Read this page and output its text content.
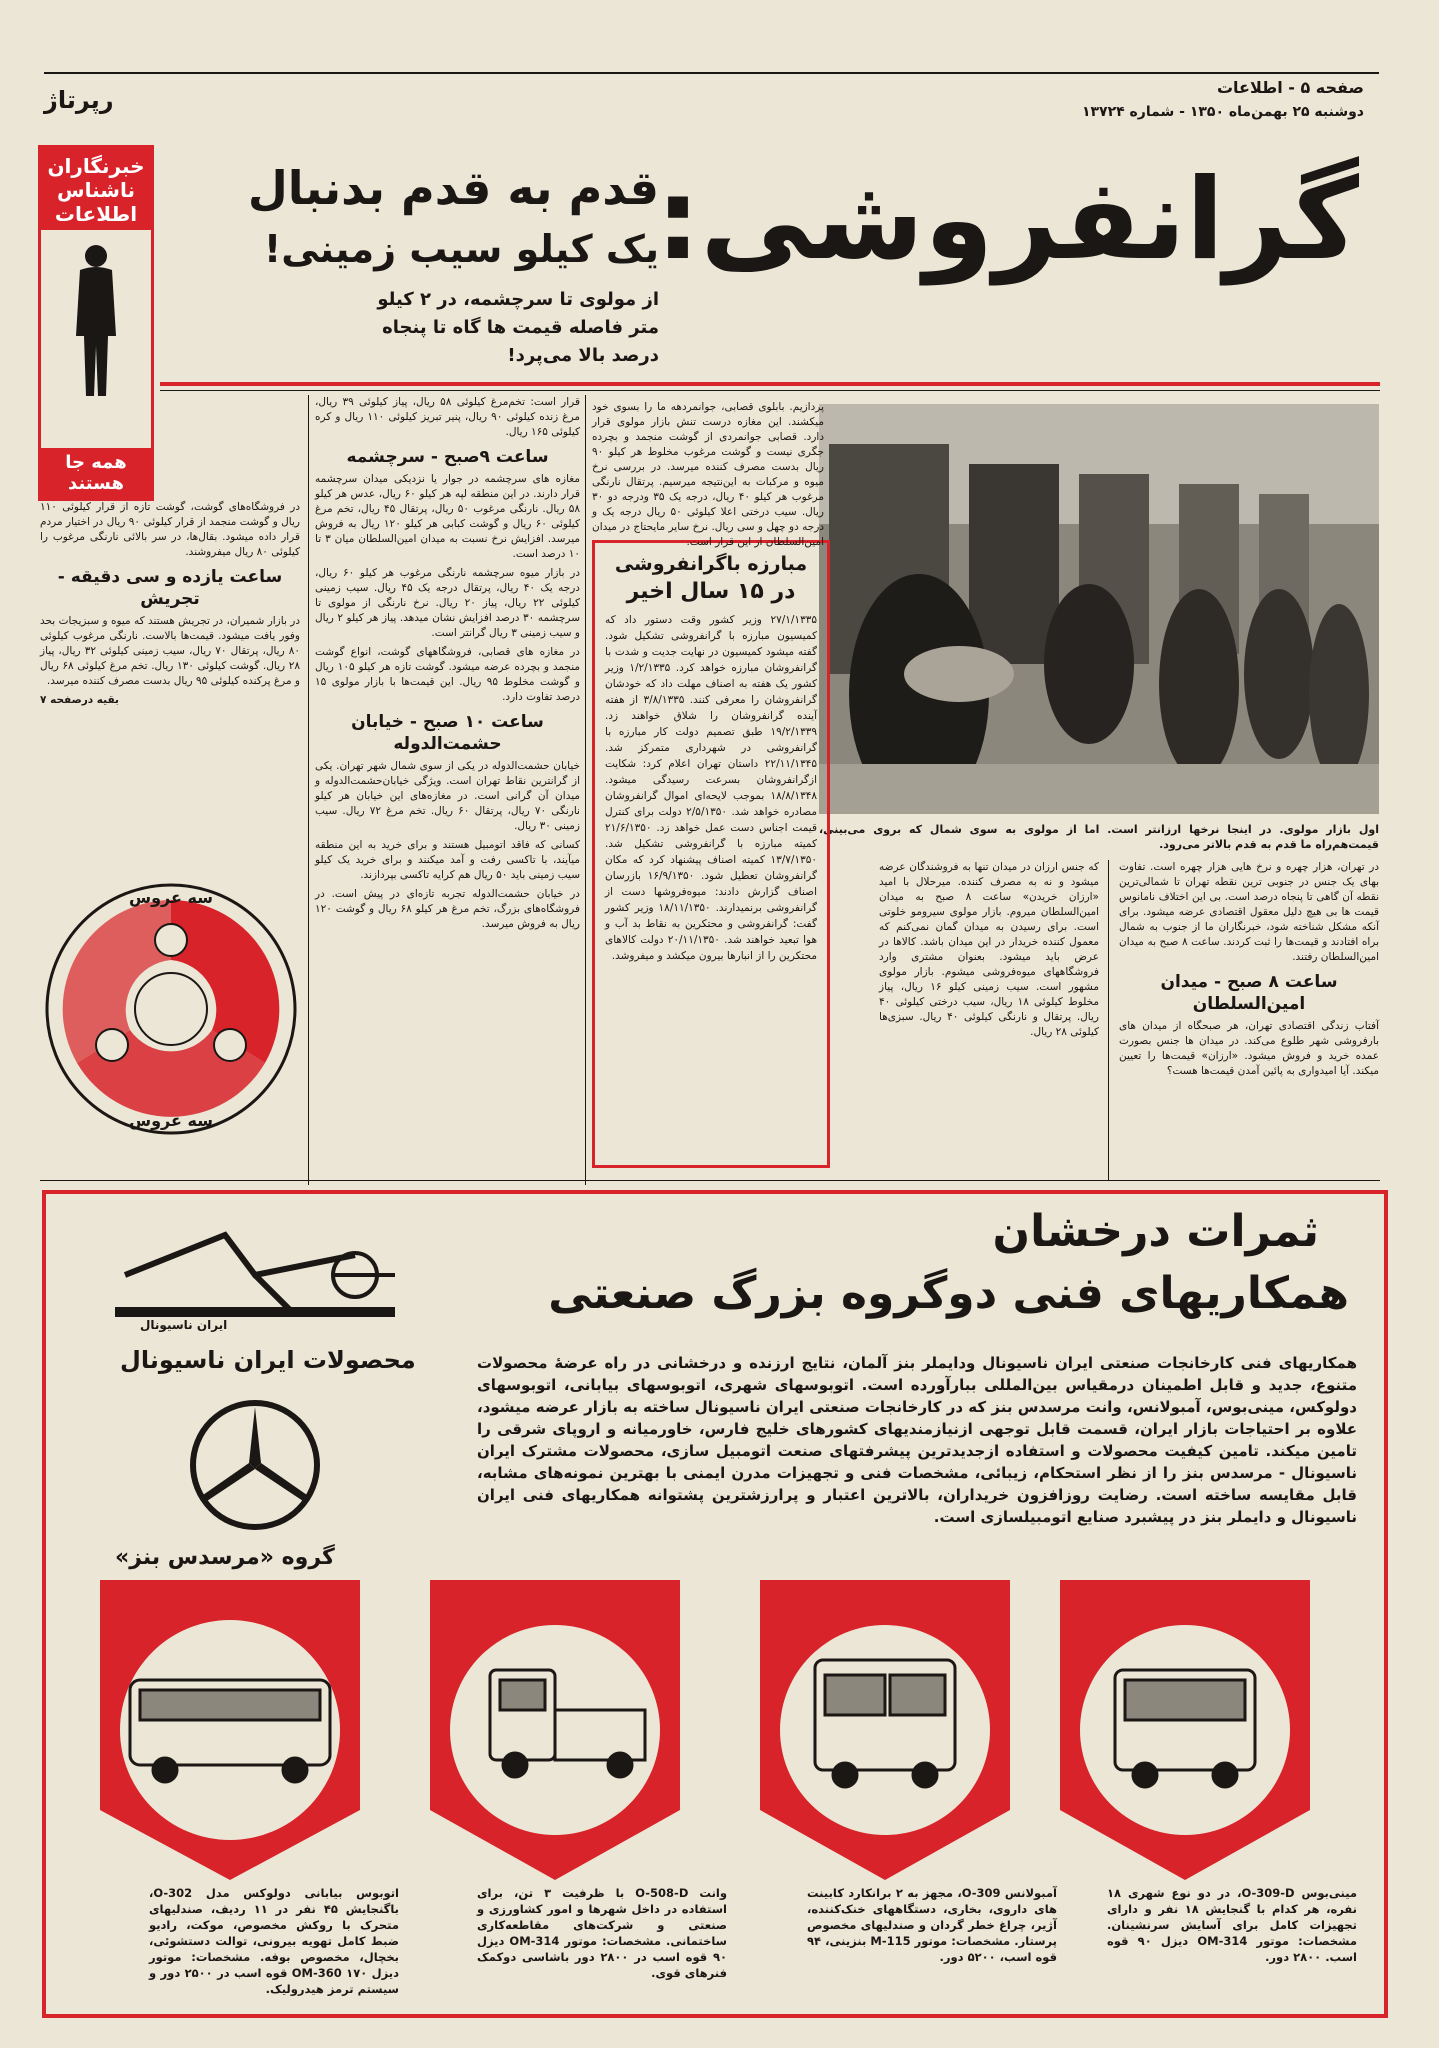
صفحه ۵ - اطلاعات
دوشنبه ۲۵ بهمن‌ماه ۱۳۵۰ - شماره ۱۳۷۲۴
رپرتاژ
گرانفروشی:
قدم به قدم بدنبال
یک کیلو سیب زمینی!
از مولوی تا سرچشمه، در ۲ کیلو متر فاصله قیمت ها گاه تا پنجاه درصد بالا می‌پرد!
خبرنگاران
ناشناس
اطلاعات
همه جا
هستند
اول بازار مولوی. در اینجا نرخها ارزانتر است. اما از مولوی به سوی شمال که بروی می‌بینی، قیمت‌هم‌راه ما قدم به قدم بالاتر می‌رود.
مبارزه باگرانفروشی
در ۱۵ سال اخیر
۲۷/۱/۱۳۳۵ وزیر کشور وقت دستور داد که کمیسیون مبارزه با گرانفروشی تشکیل شود. گفته میشود کمیسیون در نهایت جدیت و شدت با گرانفروشان مبارزه خواهد کرد. ۱/۲/۱۳۳۵ وزیر کشور یک هفته به اصناف مهلت داد که خودشان گرانفروشان را معرفی کنند. ۳/۸/۱۳۳۵ از هفته آینده گرانفروشان را شلاق خواهند زد. ۱۹/۲/۱۳۳۹ طبق تصمیم دولت کار مبارزه با گرانفروشی در شهرداری متمرکز شد. ۲۲/۱۱/۱۳۴۵ داستان تهران اعلام کرد: شکایت ازگرانفروشان بسرعت رسیدگی میشود. ۱۸/۸/۱۳۴۸ بموجب لایحه‌ای اموال گرانفروشان مصادره خواهد شد. ۲/۵/۱۳۵۰ دولت برای کنترل قیمت اجناس دست عمل خواهد زد. ۲۱/۶/۱۳۵۰ کمیته مبارزه با گرانفروشی تشکیل شد. ۱۳/۷/۱۳۵۰ کمیته اصناف پیشنهاد کرد که مکان گرانفروشان تعطیل شود. ۱۶/۹/۱۳۵۰ بازرسان اصناف گزارش دادند: میوه‌فروشها دست از گرانفروشی برنمیدارند. ۱۸/۱۱/۱۳۵۰ وزیر کشور گفت: گرانفروشی و محتکرین به نقاط بد آب و هوا تبعید خواهند شد. ۲۰/۱۱/۱۳۵۰ دولت کالاهای محتکرین را از انبارها بیرون میکشد و میفروشد.
پردازیم. بابلوی قصابی، جوانمردهه ما را بسوی خود میکشند. این مغازه درست تنش بازار مولوی قرار دارد. قصابی جوانمردی از گوشت منجمد و بچرده جگری نیست و گوشت مرغوب مخلوط هر کیلو ۹۰ ریال بدست مصرف کننده میرسد. در بررسی نرخ میوه و مرکبات به این‌نتیجه میرسیم. پرتقال نارنگی مرغوب هر کیلو ۴۰ ریال، درجه یک ۳۵ ودرجه دو ۳۰ ریال. سیب درختی اعلا کیلوئی ۵۰ ریال درجه یک و درجه دو چهل و سی ریال. نرخ سایر مایحتاج در میدان امین‌السلطان از این قرار است.

که جنس ارزان در میدان تنها به فروشندگان عرضه میشود و نه به مصرف کننده. میرحلال با امید «ارزان خریدن» ساعت ۸ صبح به میدان امین‌السلطان میروم. بازار مولوی سیرومو خلوتی است. برای رسیدن به میدان گمان نمی‌کنم که معمول کننده خریدار در این میدان باشد. کالاها در عرض باید میشود. بعنوان مشتری وارد فروشگاههای میوه‌فروشی میشوم. بازار مولوی مشهور است. سیب زمینی کیلو ۱۶ ریال، پیاز مخلوط کیلوئی ۱۸ ریال، سیب درختی کیلوئی ۴۰ ریال. پرتقال و نارنگی کیلوئی ۴۰ ریال. سبزی‌ها کیلوئی ۲۸ ریال.

در تهران، هزار چهره و نرخ هایی هزار چهره است. تفاوت بهای یک جنس در جنوبی ترین نقطه تهران تا شمالی‌ترین نقطه آن گاهی تا پنجاه درصد است. بی این اختلاف نامانوس قیمت ها بی هیچ دلیل معقول اقتصادی عرضه میشود. برای آنکه مشکل شناخته شود، خبرنگاران ما از جنوب به شمال براه افتادند و قیمت‌ها را ثبت کردند. ساعت ۸ صبح به میدان امین‌السلطان رفتند.

ساعت ۸ صبح - میدان امین‌السلطان

آفتاب زندگی اقتصادی تهران، هر صبحگاه از میدان های بارفروشی شهر طلوع می‌کند. در میدان ها جنس بصورت عمده خرید و فروش میشود. «ارزان» قیمت‌ها را تعیین میکند. آیا امیدواری به پائین آمدن قیمت‌ها هست؟

قرار است: تخم‌مرغ کیلوئی ۵۸ ریال، پیاز کیلوئی ۳۹ ریال، مرغ زنده کیلوئی ۹۰ ریال، پنیر تبریز کیلوئی ۱۱۰ ریال و کره کیلوئی ۱۶۵ ریال.

ساعت ۹صبح - سرچشمه

مغازه های سرچشمه در جوار یا نزدیکی میدان سرچشمه قرار دارند. در این منطقه لپه هر کیلو ۶۰ ریال، عدس هر کیلو ۵۸ ریال. نارنگی مرغوب ۵۰ ریال، پرتقال ۴۵ ریال، تخم مرغ کیلوئی ۶۰ ریال و گوشت کبابی هر کیلو ۱۲۰ ریال به فروش میرسد. افزایش نرخ نسبت به میدان امین‌السلطان میان ۳ تا ۱۰ درصد است.

در بازار میوه سرچشمه نارنگی مرغوب هر کیلو ۶۰ ریال، درجه یک ۴۰ ریال، پرتقال درجه یک ۴۵ ریال. سیب زمینی کیلوئی ۲۲ ریال، پیاز ۲۰ ریال. نرخ نارنگی از مولوی تا سرچشمه ۳۰ درصد افزایش نشان میدهد. پیاز هر کیلو ۲ ریال و سیب زمینی ۳ ریال گرانتر است.

در مغازه های قصابی، فروشگاههای گوشت، انواع گوشت منجمد و بچرده عرضه میشود. گوشت تازه هر کیلو ۱۰۵ ریال و گوشت مخلوط ۹۵ ریال. این قیمت‌ها با بازار مولوی ۱۵ درصد تفاوت دارد.

ساعت ۱۰ صبح - خیابان حشمت‌الدوله

خیابان حشمت‌الدوله در یکی از سوی شمال شهر تهران. یکی از گرانترین نقاط تهران است. ویژگی خیابان‌حشمت‌الدوله و میدان آن گرانی است. در مغازه‌های این خیابان هر کیلو نارنگی ۷۰ ریال، پرتقال ۶۰ ریال. تخم مرغ ۷۲ ریال. سیب زمینی ۳۰ ریال.

کسانی که فاقد اتومبیل هستند و برای خرید به این منطقه میآیند، با تاکسی رفت و آمد میکنند و برای خرید یک کیلو سیب زمینی باید ۵۰ ریال هم کرایه تاکسی بپردازند.

در خیابان حشمت‌الدوله تجربه تازه‌ای در پیش است. در فروشگاه‌های بزرگ، تخم مرغ هر کیلو ۶۸ ریال و گوشت ۱۲۰ ریال به فروش میرسد.

در فروشگاه‌های گوشت، گوشت تازه از قرار کیلوئی ۱۱۰ ریال و گوشت منجمد از قرار کیلوئی ۹۰ ریال در اختیار مردم قرار داده میشود. بقال‌ها، در سر بالائی نارنگی مرغوب را کیلوئی ۸۰ ریال میفروشند.

ساعت یازده و سی دقیقه - تجریش

در بازار شمیران، در تجریش هستند که میوه و سبزیجات بحد وفور یافت میشود. قیمت‌ها بالاست. نارنگی مرغوب کیلوئی ۸۰ ریال، پرتقال ۷۰ ریال، سیب زمینی کیلوئی ۳۲ ریال، پیاز ۲۸ ریال. گوشت کیلوئی ۱۳۰ ریال. تخم مرغ کیلوئی ۶۸ ریال و مرغ پرکنده کیلوئی ۹۵ ریال بدست مصرف کننده میرسد.

بقیه درصفحه ۷

سه عروس
سه عروس
ثمرات درخشان
همکاریهای فنی دوگروه بزرگ صنعتی
ایران ناسیونال
محصولات ایران ناسیونال
گروه «مرسدس بنز»
همکاریهای فنی کارخانجات صنعتی ایران ناسیونال ودایملر بنز آلمان، نتایج ارزنده و درخشانی در راه عرضهٔ محصولات متنوع، جدید و قابل اطمینان درمقیاس بین‌المللی ببارآورده است. اتوبوسهای شهری، اتوبوسهای بیابانی، اتوبوسهای دولوکس، مینی‌بوس، آمبولانس، وانت مرسدس بنز که در کارخانجات صنعتی ایران ناسیونال ساخته به بازار عرضه میشود، علاوه بر احتیاجات بازار ایران، قسمت قابل توجهی ازنیازمندیهای کشورهای خلیج فارس، خاورمیانه و اروپای شرقی را تامین میکند. تامین کیفیت محصولات و استفاده ازجدیدترین پیشرفتهای صنعت اتومبیل سازی، محصولات مشترک ایران ناسیونال - مرسدس بنز را از نظر استحکام، زیبائی، مشخصات فنی و تجهیزات مدرن ایمنی با بهترین نمونه‌های مشابه، قابل مقایسه ساخته است. رضایت روزافزون خریداران، بالاترین اعتبار و پرارزشترین پشتوانه همکاریهای فنی ایران ناسیونال و دایملر بنز در پیشبرد صنایع اتومبیلسازی است.
مینی‌بوس O-309-D، در دو نوع شهری ۱۸ نفره، هر کدام با گنجایش ۱۸ نفر و دارای تجهیزات کامل برای آسایش سرنشینان. مشخصات: موتور OM-314 دیزل ۹۰ قوه اسب. ۲۸۰۰ دور.
آمبولانس O-309، مجهز به ۲ برانکارد کابینت های داروی، بخاری، دستگاههای خنک‌کننده، آژیر، چراغ خطر گردان و صندلیهای مخصوص پرستار. مشخصات: موتور M-115 بنزینی، ۹۴ قوه اسب، ۵۲۰۰ دور.
وانت O-508-D با ظرفیت ۳ تن، برای استفاده در داخل شهرها و امور کشاورزی و صنعتی و شرکت‌های مقاطعه‌کاری ساختمانی. مشخصات: موتور OM-314 دیزل ۹۰ قوه اسب در ۲۸۰۰ دور باشاسی دوکمک فنرهای قوی.
اتوبوس بیابانی دولوکس مدل O-302، باگنجایش ۴۵ نفر در ۱۱ ردیف، صندلیهای متحرک با روکش مخصوص، موکت، رادیو ضبط کامل تهویه بیرونی، توالت دستشوئی، بخچال، مخصوص بوفه. مشخصات: موتور دیزل OM-360 ۱۷۰ قوه اسب در ۲۵۰۰ دور و سیستم ترمز هیدرولیک.
